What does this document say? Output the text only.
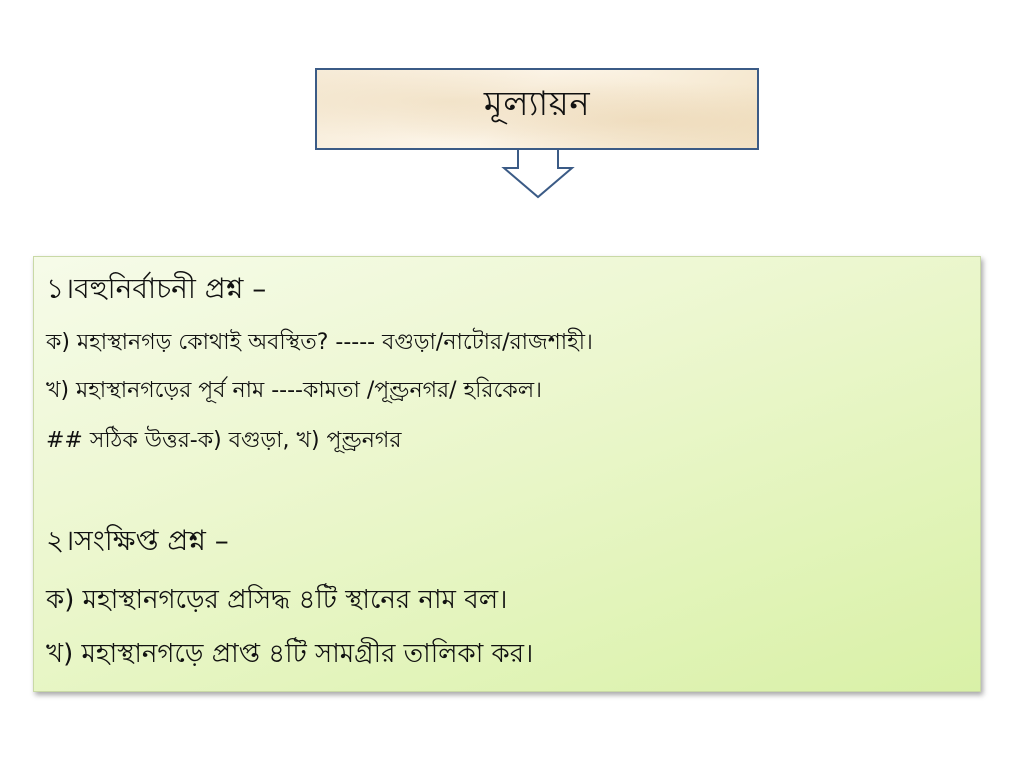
মূল্যায়ন
১।বহুনির্বাচনী প্রশ্ন –
ক) মহাস্থানগড় কোথাই অবস্থিত? ----- বগুড়া/নাটোর/রাজশাহী।
খ) মহাস্থানগড়ের পূর্ব নাম ----কামতা /পূণ্ড্রনগর/ হরিকেল।
## সঠিক উত্তর-ক) বগুড়া, খ) পূণ্ড্রনগর
২।সংক্ষিপ্ত প্রশ্ন –
ক) মহাস্থানগড়ের প্রসিদ্ধ ৪টি স্থানের নাম বল।
খ) মহাস্থানগড়ে প্রাপ্ত ৪টি সামগ্রীর তালিকা কর।
